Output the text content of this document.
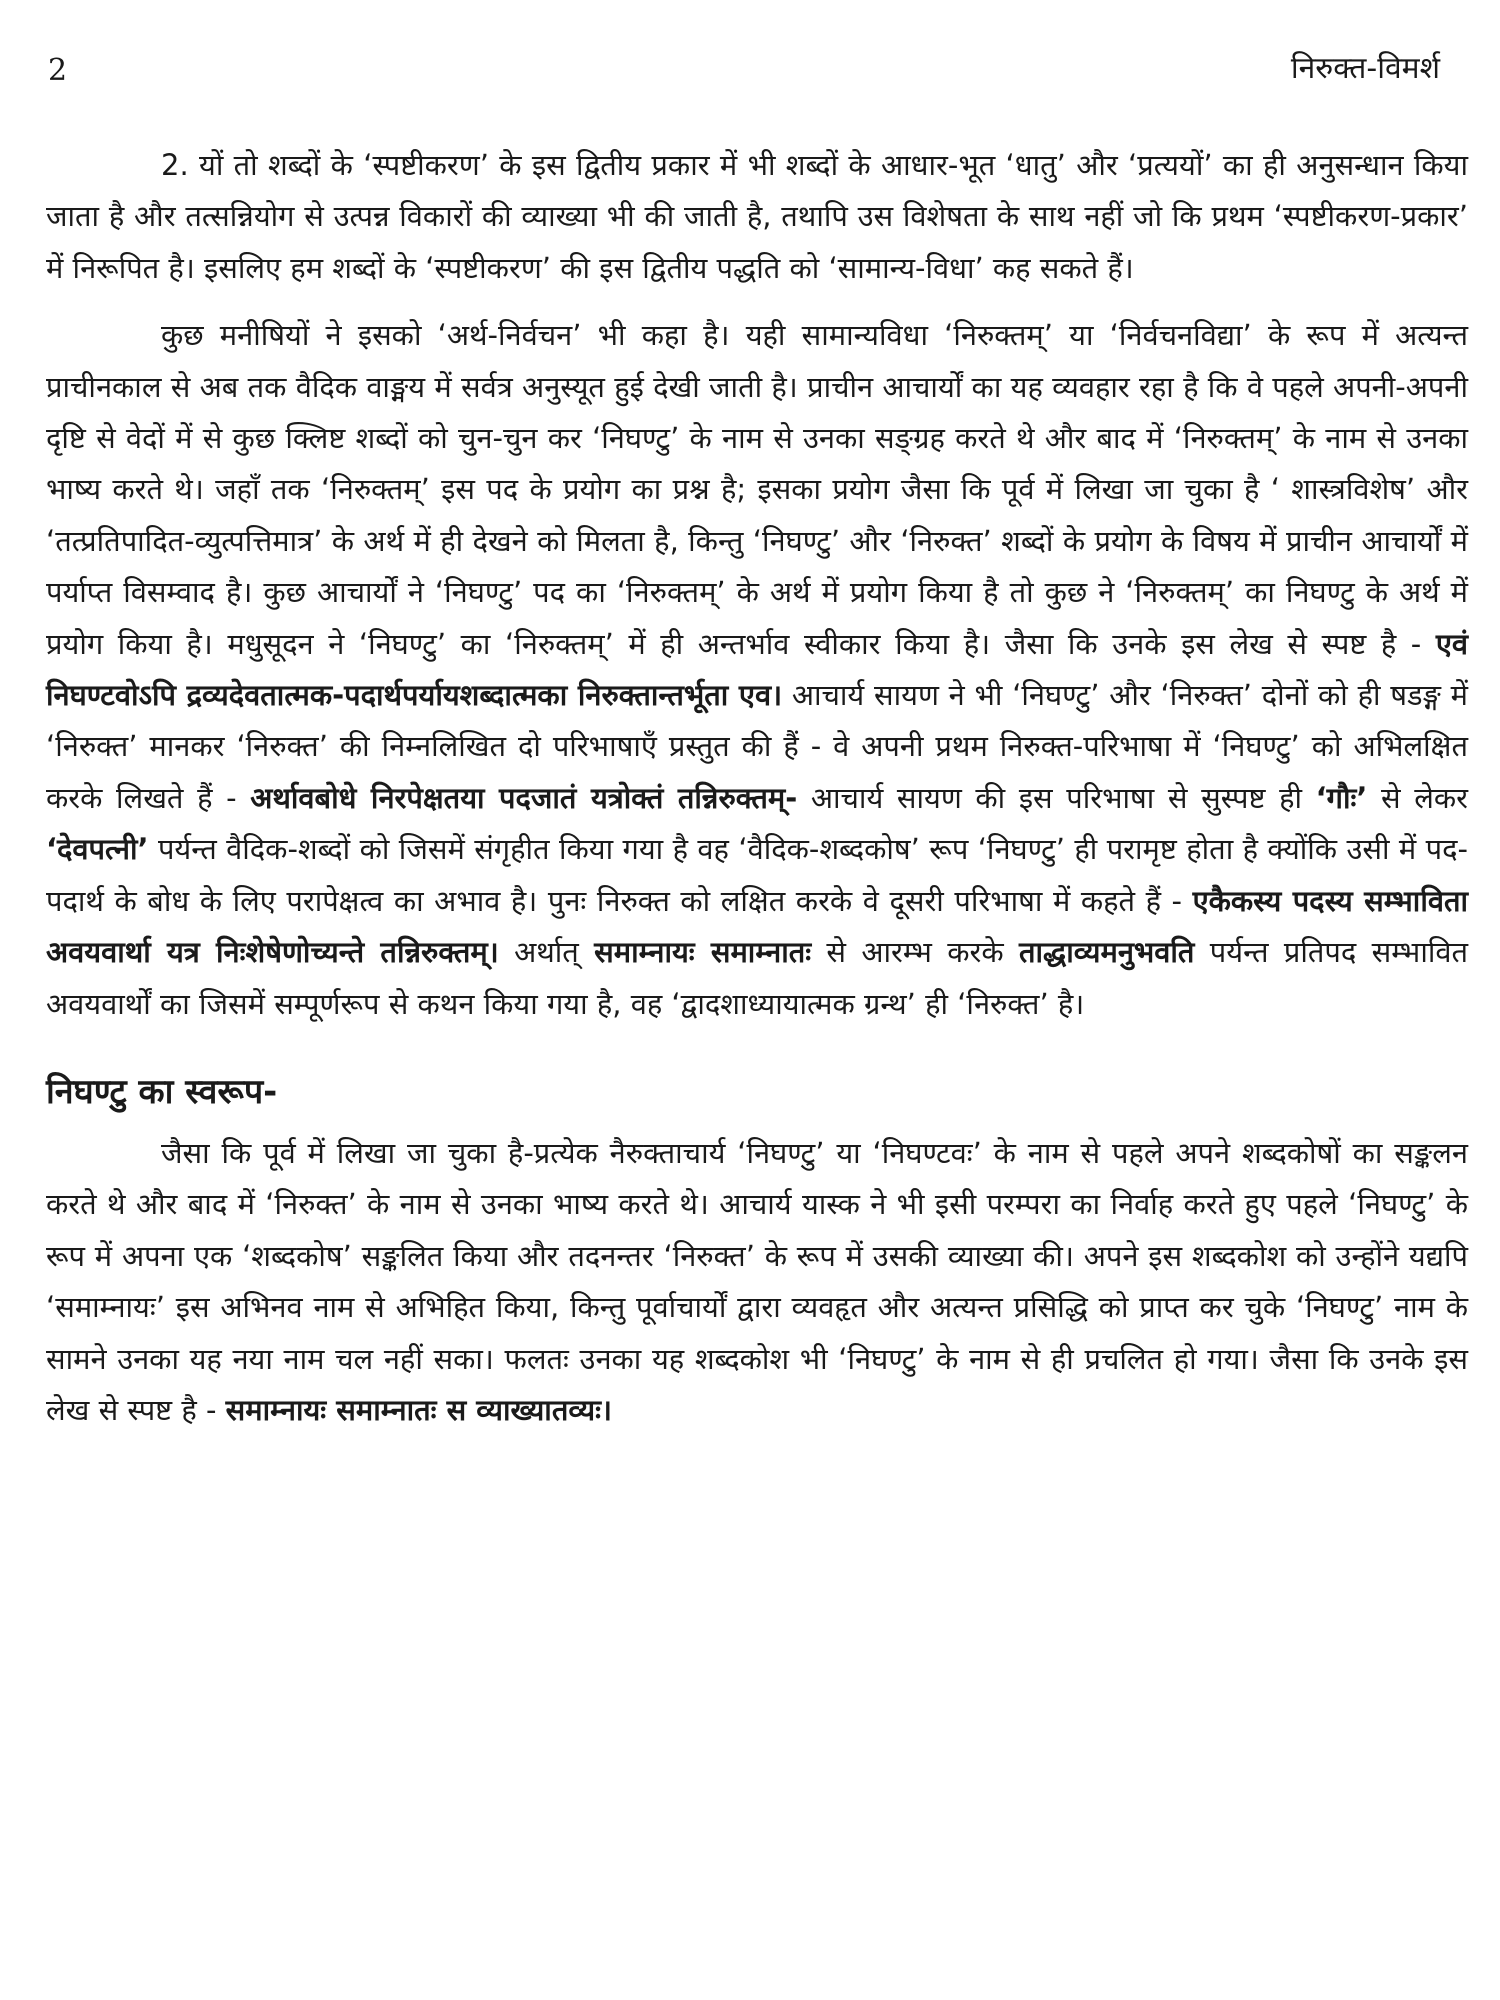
2	निरुक्त-विमर्श

2. यों तो शब्दों के ‘स्पष्टीकरण’ के इस द्वितीय प्रकार में भी शब्दों के आधार-भूत ‘धातु’ और ‘प्रत्ययों’ का ही अनुसन्धान किया जाता है और तत्सन्नियोग से उत्पन्न विकारों की व्याख्या भी की जाती है, तथापि उस विशेषता के साथ नहीं जो कि प्रथम ‘स्पष्टीकरण-प्रकार’ में निरूपित है। इसलिए हम शब्दों के ‘स्पष्टीकरण’ की इस द्वितीय पद्धति को ‘सामान्य-विधा’ कह सकते हैं।

कुछ मनीषियों ने इसको ‘अर्थ-निर्वचन’ भी कहा है। यही सामान्यविधा ‘निरुक्तम्’ या ‘निर्वचनविद्या’ के रूप में अत्यन्त प्राचीनकाल से अब तक वैदिक वाङ्मय में सर्वत्र अनुस्यूत हुई देखी जाती है। प्राचीन आचार्यों का यह व्यवहार रहा है कि वे पहले अपनी-अपनी दृष्टि से वेदों में से कुछ क्लिष्ट शब्दों को चुन-चुन कर ‘निघण्टु’ के नाम से उनका सङ्ग्रह करते थे और बाद में ‘निरुक्तम्’ के नाम से उनका भाष्य करते थे। जहाँ तक ‘निरुक्तम्’ इस पद के प्रयोग का प्रश्न है; इसका प्रयोग जैसा कि पूर्व में लिखा जा चुका है ‘ शास्त्रविशेष’ और ‘तत्प्रतिपादित-व्युत्पत्तिमात्र’ के अर्थ में ही देखने को मिलता है, किन्तु ‘निघण्टु’ और ‘निरुक्त’ शब्दों के प्रयोग के विषय में प्राचीन आचार्यों में पर्याप्त विसम्वाद है। कुछ आचार्यों ने ‘निघण्टु’ पद का ‘निरुक्तम्’ के अर्थ में प्रयोग किया है तो कुछ ने ‘निरुक्तम्’ का निघण्टु के अर्थ में प्रयोग किया है। मधुसूदन ने ‘निघण्टु’ का ‘निरुक्तम्’ में ही अन्तर्भाव स्वीकार किया है। जैसा कि उनके इस लेख से स्पष्ट है - एवं निघण्टवोऽपि द्रव्यदेवतात्मक-पदार्थपर्यायशब्दात्मका निरुक्तान्तर्भूता एव। आचार्य सायण ने भी ‘निघण्टु’ और ‘निरुक्त’ दोनों को ही षडङ्ग में ‘निरुक्त’ मानकर ‘निरुक्त’ की निम्नलिखित दो परिभाषाएँ प्रस्तुत की हैं - वे अपनी प्रथम निरुक्त-परिभाषा में ‘निघण्टु’ को अभिलक्षित करके लिखते हैं - अर्थावबोधे निरपेक्षतया पदजातं यत्रोक्तं तन्निरुक्तम्- आचार्य सायण की इस परिभाषा से सुस्पष्ट ही ‘गौः’ से लेकर ‘देवपत्नी’ पर्यन्त वैदिक-शब्दों को जिसमें संगृहीत किया गया है वह ‘वैदिक-शब्दकोष’ रूप ‘निघण्टु’ ही परामृष्ट होता है क्योंकि उसी में पद-पदार्थ के बोध के लिए परापेक्षत्व का अभाव है। पुनः निरुक्त को लक्षित करके वे दूसरी परिभाषा में कहते हैं - एकैकस्य पदस्य सम्भाविता अवयवार्था यत्र निःशेषेणोच्यन्ते तन्निरुक्तम्। अर्थात् समाम्नायः समाम्नातः से आरम्भ करके ताद्धाव्यमनुभवति पर्यन्त प्रतिपद सम्भावित अवयवार्थों का जिसमें सम्पूर्णरूप से कथन किया गया है, वह ‘द्वादशाध्यायात्मक ग्रन्थ’ ही ‘निरुक्त’ है।

निघण्टु का स्वरूप-

जैसा कि पूर्व में लिखा जा चुका है-प्रत्येक नैरुक्ताचार्य ‘निघण्टु’ या ‘निघण्टवः’ के नाम से पहले अपने शब्दकोषों का सङ्कलन करते थे और बाद में ‘निरुक्त’ के नाम से उनका भाष्य करते थे। आचार्य यास्क ने भी इसी परम्परा का निर्वाह करते हुए पहले ‘निघण्टु’ के रूप में अपना एक ‘शब्दकोष’ सङ्कलित किया और तदनन्तर ‘निरुक्त’ के रूप में उसकी व्याख्या की। अपने इस शब्दकोश को उन्होंने यद्यपि ‘समाम्नायः’ इस अभिनव नाम से अभिहित किया, किन्तु पूर्वाचार्यों द्वारा व्यवहृत और अत्यन्त प्रसिद्धि को प्राप्त कर चुके ‘निघण्टु’ नाम के सामने उनका यह नया नाम चल नहीं सका। फलतः उनका यह शब्दकोश भी ‘निघण्टु’ के नाम से ही प्रचलित हो गया। जैसा कि उनके इस लेख से स्पष्ट है - समाम्नायः समाम्नातः स व्याख्यातव्यः।
